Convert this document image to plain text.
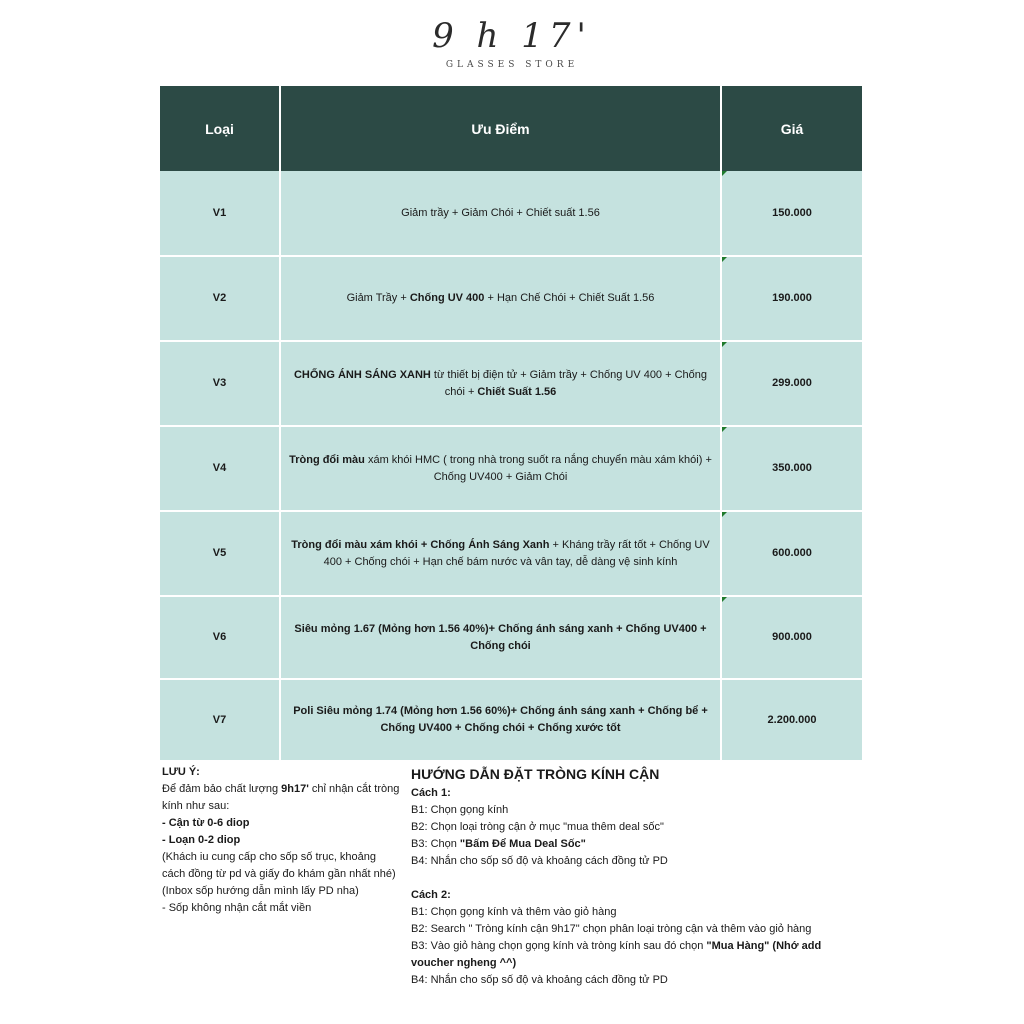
9 h 17'
GLASSES STORE
Loại	Ưu Điểm	Giá
V1	Giảm trầy + Giảm Chói + Chiết suất 1.56	150.000
V2	Giảm Trầy + Chống UV 400 + Hạn Chế Chói + Chiết Suất 1.56	190.000
V3	CHỐNG ÁNH SÁNG XANH từ thiết bị điện tử + Giảm trầy + Chống UV 400 + Chống chói + Chiết Suất 1.56	299.000
V4	Tròng đổi màu xám khói HMC ( trong nhà trong suốt ra nắng chuyển màu xám khói) + Chống UV400 + Giảm Chói	350.000
V5	Tròng đổi màu xám khói + Chống Ánh Sáng Xanh + Kháng trầy rất tốt + Chống UV 400 + Chống chói + Hạn chế bám nước và vân tay, dễ dàng vệ sinh kính	600.000
V6	Siêu mỏng 1.67 (Mỏng hơn 1.56 40%)+ Chống ánh sáng xanh + Chống UV400 + Chống chói	900.000
V7	Poli Siêu mỏng 1.74 (Mỏng hơn 1.56 60%)+ Chống ánh sáng xanh + Chống bể + Chống UV400 + Chống chói + Chống xước tốt	2.200.000
LƯU Ý:
Để đảm bảo chất lượng 9h17' chỉ nhận cắt tròng kính như sau:
- Cận từ 0-6 diop
- Loạn 0-2 diop
(Khách iu cung cấp cho sốp số trục, khoảng cách đồng từ pd và giấy đo khám gần nhất nhé) (Inbox sốp hướng dẫn mình lấy PD nha)
- Sốp không nhận cắt mắt viền
HƯỚNG DẪN ĐẶT TRÒNG KÍNH CẬN
Cách 1:
B1: Chọn gọng kính
B2: Chọn loại tròng cận ở mục "mua thêm deal sốc"
B3: Chọn "Bấm Để Mua Deal Sốc"
B4: Nhắn cho sốp số độ và khoảng cách đồng tử PD
Cách 2:
B1: Chọn gọng kính và thêm vào giỏ hàng
B2: Search " Tròng kính cận 9h17" chọn phân loại tròng cận và thêm vào giỏ hàng
B3: Vào giỏ hàng chọn gọng kính và tròng kính sau đó chọn "Mua Hàng" (Nhớ add voucher ngheng ^^)
B4: Nhắn cho sốp số độ và khoảng cách đồng tử PD
